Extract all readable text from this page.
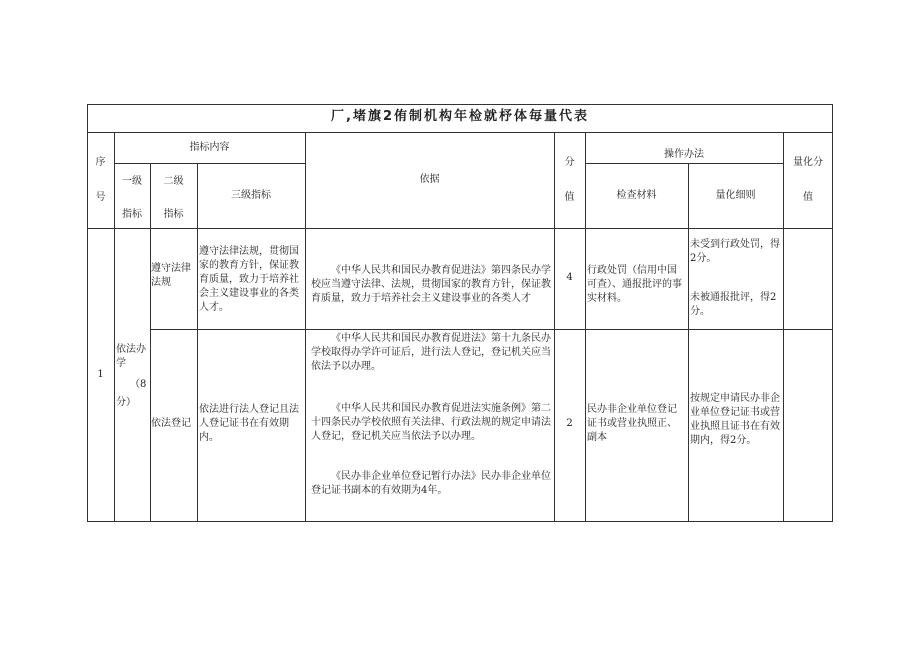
厂,堵旗2侑制机构年检就杼体毎量代表
序
号
指标内容
一级
指标
二级
指标
三级指标
依据
分
值
操作办法
检查材料	量化细则
量化分
值
1
依法办
学
（8
分）
遵守法律法规
遵守法律法规，贯彻国家的教育方针，保证教育质量，致力于培养社会主义建设事业的各类人才。
《中华人民共和国民办教育促进法》第四条民办学校应当遵守法律、法规，贯彻国家的教育方针，保证教育质量，致力于培养社会主义建设事业的各类人才
4
行政处罚（信用中国可查）、通报批评的事实材料。
未受到行政处罚，得2分。
未被通报批评，得2分。
依法登记
依法进行法人登记且法人登记证书在有效期内。
《中华人民共和国民办教育促进法》第十九条民办学校取得办学许可证后，进行法人登记，登记机关应当依法予以办理。
《中华人民共和国民办教育促进法实施条例》第二十四条民办学校依照有关法律、行政法规的规定申请法人登记，登记机关应当依法予以办理。
《民办非企业单位登记暂行办法》民办非企业单位登记证书副本的有效期为4年。
2
民办非企业单位登记证书或营业执照正、副本
按规定申请民办非企业单位登记证书或营业执照且证书在有效期内，得2分。
